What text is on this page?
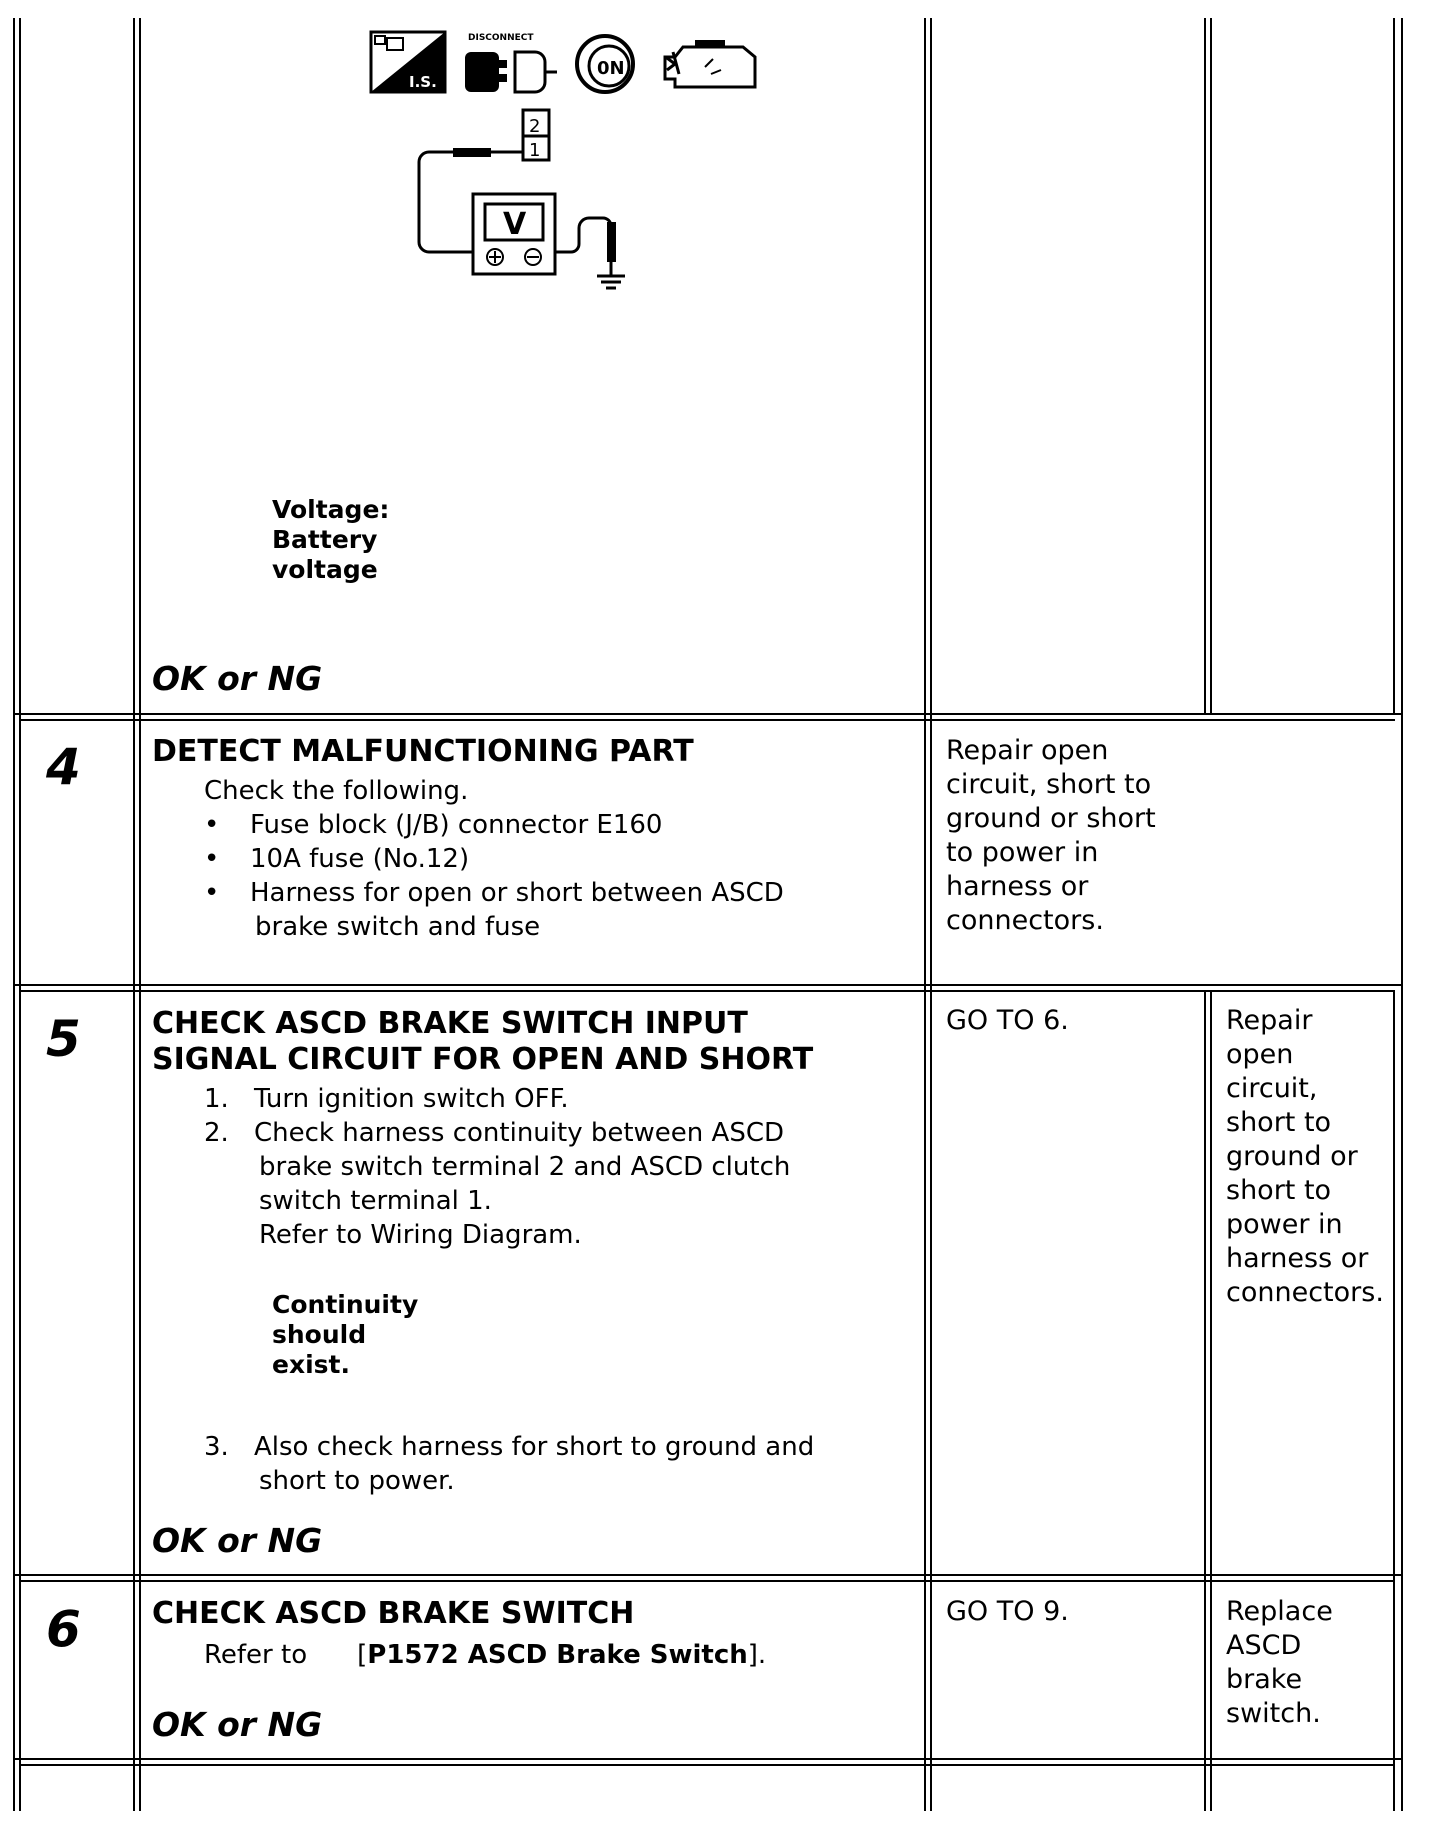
I.S.
DISCONNECT
0N
2
1
V
Voltage:
Battery
voltage
OK or NG
4 DETECT MALFUNCTIONING PART
Check the following.
• Fuse block (J/B) connector E160
• 10A fuse (No.12)
• Harness for open or short between ASCD
brake switch and fuse
Repair open
circuit, short to
ground or short
to power in
harness or
connectors.
5 CHECK ASCD BRAKE SWITCH INPUT
SIGNAL CIRCUIT FOR OPEN AND SHORT
1. Turn ignition switch OFF.
2. Check harness continuity between ASCD
brake switch terminal 2 and ASCD clutch
switch terminal 1.
Refer to Wiring Diagram.
Continuity
should
exist.
3. Also check harness for short to ground and
short to power.
OK or NG
GO TO 6.	Repair
open
circuit,
short to
ground or
short to
power in
harness or
connectors.
6 CHECK ASCD BRAKE SWITCH
Refer to [P1572 ASCD Brake Switch].
OK or NG
GO TO 9.	Replace
ASCD
brake
switch.
